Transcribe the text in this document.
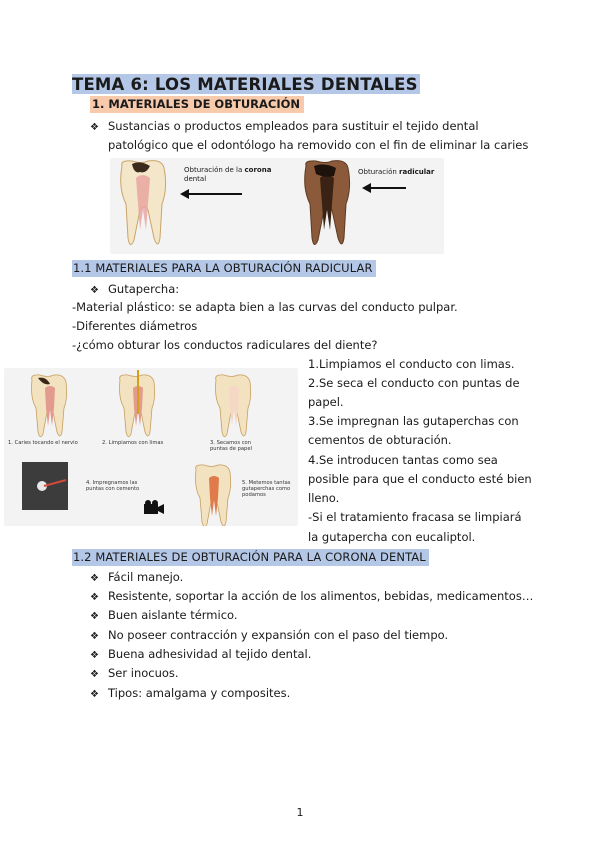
TEMA 6: LOS MATERIALES DENTALES
1. MATERIALES DE OBTURACIÓN
❖ Sustancias o productos empleados para sustituir el tejido dental
patológico que el odontólogo ha removido con el fin de eliminar la caries
Obturación de la corona
dental
Obturación radicular
1.1 MATERIALES PARA LA OBTURACIÓN RADICULAR
❖ Gutapercha:
-Material plástico: se adapta bien a las curvas del conducto pulpar.
-Diferentes diámetros
-¿cómo obturar los conductos radiculares del diente?
1. Caries tocando el nervio	2. Limpiamos con limas	3. Secamos con
puntas de papel
4. Impregnamos las
puntas con cemento
5. Metemos tantas
gutaperchas como
podamos
1.Limpiamos el conducto con limas.
2.Se seca el conducto con puntas de
papel.
3.Se impregnan las gutaperchas con
cementos de obturación.
4.Se introducen tantas como sea
posible para que el conducto esté bien
lleno.
-Si el tratamiento fracasa se limpiará
la gutapercha con eucaliptol.
1.2 MATERIALES DE OBTURACIÓN PARA LA CORONA DENTAL
❖ Fácil manejo.
❖ Resistente, soportar la acción de los alimentos, bebidas, medicamentos…
❖ Buen aislante térmico.
❖ No poseer contracción y expansión con el paso del tiempo.
❖ Buena adhesividad al tejido dental.
❖ Ser inocuos.
❖ Tipos: amalgama y composites.
1
